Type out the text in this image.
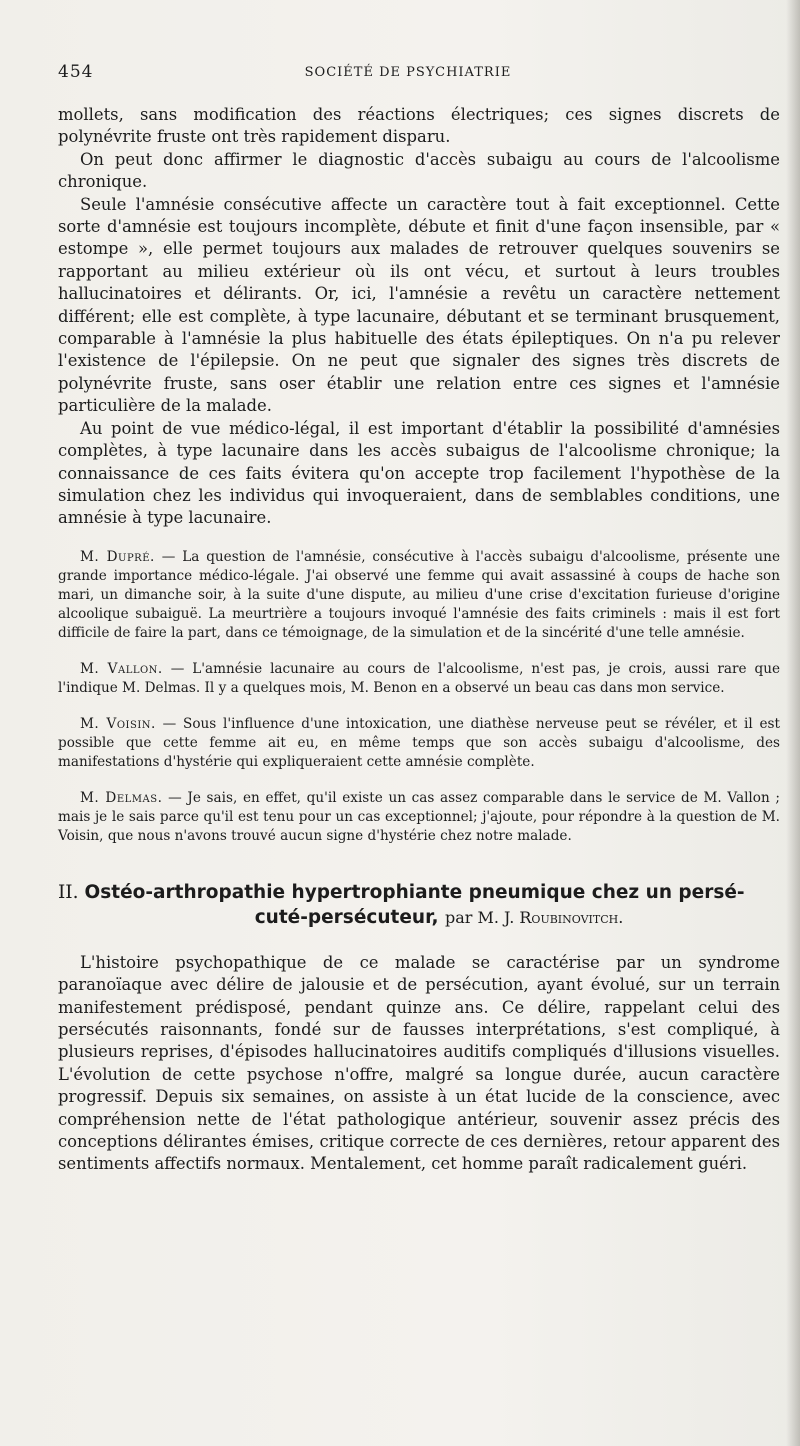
454	SOCIÉTÉ DE PSYCHIATRIE

mollets, sans modification des réactions électriques; ces signes discrets de polynévrite fruste ont très rapidement disparu.

On peut donc affirmer le diagnostic d'accès subaigu au cours de l'alcoolisme chronique.

Seule l'amnésie consécutive affecte un caractère tout à fait exceptionnel. Cette sorte d'amnésie est toujours incomplète, débute et finit d'une façon insensible, par « estompe », elle permet toujours aux malades de retrouver quelques souvenirs se rapportant au milieu extérieur où ils ont vécu, et surtout à leurs troubles hallucinatoires et délirants. Or, ici, l'amnésie a revêtu un caractère nettement différent; elle est complète, à type lacunaire, débutant et se terminant brusquement, comparable à l'amnésie la plus habituelle des états épileptiques. On n'a pu relever l'existence de l'épilepsie. On ne peut que signaler des signes très discrets de polynévrite fruste, sans oser établir une relation entre ces signes et l'amnésie particulière de la malade.

Au point de vue médico-légal, il est important d'établir la possibilité d'amnésies complètes, à type lacunaire dans les accès subaigus de l'alcoolisme chronique; la connaissance de ces faits évitera qu'on accepte trop facilement l'hypothèse de la simulation chez les individus qui invoqueraient, dans de semblables conditions, une amnésie à type lacunaire.

M. Dupré. — La question de l'amnésie, consécutive à l'accès subaigu d'alcoolisme, présente une grande importance médico-légale. J'ai observé une femme qui avait assassiné à coups de hache son mari, un dimanche soir, à la suite d'une dispute, au milieu d'une crise d'excitation furieuse d'origine alcoolique subaiguë. La meurtrière a toujours invoqué l'amnésie des faits criminels : mais il est fort difficile de faire la part, dans ce témoignage, de la simulation et de la sincérité d'une telle amnésie.

M. Vallon. — L'amnésie lacunaire au cours de l'alcoolisme, n'est pas, je crois, aussi rare que l'indique M. Delmas. Il y a quelques mois, M. Benon en a observé un beau cas dans mon service.

M. Voisin. — Sous l'influence d'une intoxication, une diathèse nerveuse peut se révéler, et il est possible que cette femme ait eu, en même temps que son accès subaigu d'alcoolisme, des manifestations d'hystérie qui expliqueraient cette amnésie complète.

M. Delmas. — Je sais, en effet, qu'il existe un cas assez comparable dans le service de M. Vallon ; mais je le sais parce qu'il est tenu pour un cas exceptionnel; j'ajoute, pour répondre à la question de M. Voisin, que nous n'avons trouvé aucun signe d'hystérie chez notre malade.

II. Ostéo-arthropathie hypertrophiante pneumique chez un persé-
cuté-persécuteur, par M. J. Roubinovitch.

L'histoire psychopathique de ce malade se caractérise par un syndrome paranoïaque avec délire de jalousie et de persécution, ayant évolué, sur un terrain manifestement prédisposé, pendant quinze ans. Ce délire, rappelant celui des persécutés raisonnants, fondé sur de fausses interprétations, s'est compliqué, à plusieurs reprises, d'épisodes hallucinatoires auditifs compliqués d'illusions visuelles. L'évolution de cette psychose n'offre, malgré sa longue durée, aucun caractère progressif. Depuis six semaines, on assiste à un état lucide de la conscience, avec compréhension nette de l'état pathologique antérieur, souvenir assez précis des conceptions délirantes émises, critique correcte de ces dernières, retour apparent des sentiments affectifs normaux. Mentalement, cet homme paraît radicalement guéri.
